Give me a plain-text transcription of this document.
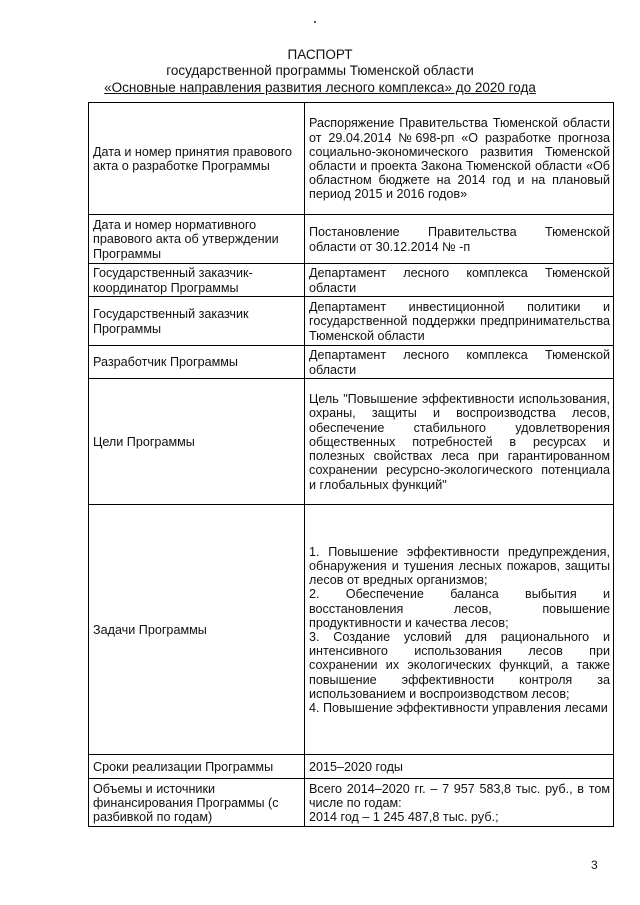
ПАСПОРТ
государственной программы Тюменской области
«Основные направления развития лесного комплекса» до 2020 года
Дата и номер принятия правового акта о разработке Программы	Распоряжение Правительства Тюменской области от 29.04.2014 №698-рп «О разработке прогноза социально-экономического развития Тюменской области и проекта Закона Тюменской области «Об областном бюджете на 2014 год и на плановый период 2015 и 2016 годов»
Дата и номер нормативного правового акта об утверждении Программы	Постановление Правительства Тюменской области от 30.12.2014 № -п
Государственный заказчик-координатор Программы	Департамент лесного комплекса Тюменской области
Государственный заказчик Программы	Департамент инвестиционной политики и государственной поддержки предпринимательства Тюменской области
Разработчик Программы	Департамент лесного комплекса Тюменской области
Цели Программы	Цель "Повышение эффективности использования, охраны, защиты и воспроизводства лесов, обеспечение стабильного удовлетворения общественных потребностей в ресурсах и полезных свойствах леса при гарантированном сохранении ресурсно-экологического потенциала и глобальных функций"
Задачи Программы	1. Повышение эффективности предупреждения, обнаружения и тушения лесных пожаров, защиты лесов от вредных организмов;
2. Обеспечение баланса выбытия и восстановления лесов, повышение продуктивности и качества лесов;
3. Создание условий для рационального и интенсивного использования лесов при сохранении их экологических функций, а также повышение эффективности контроля за использованием и воспроизводством лесов;
4. Повышение эффективности управления лесами

Сроки реализации Программы	2015–2020 годы
Объемы и источники финансирования Программы (с разбивкой по годам)	Всего 2014–2020 гг. – 7 957 583,8 тыс. руб., в том числе по годам:
2014 год – 1 245 487,8 тыс. руб.;
3
